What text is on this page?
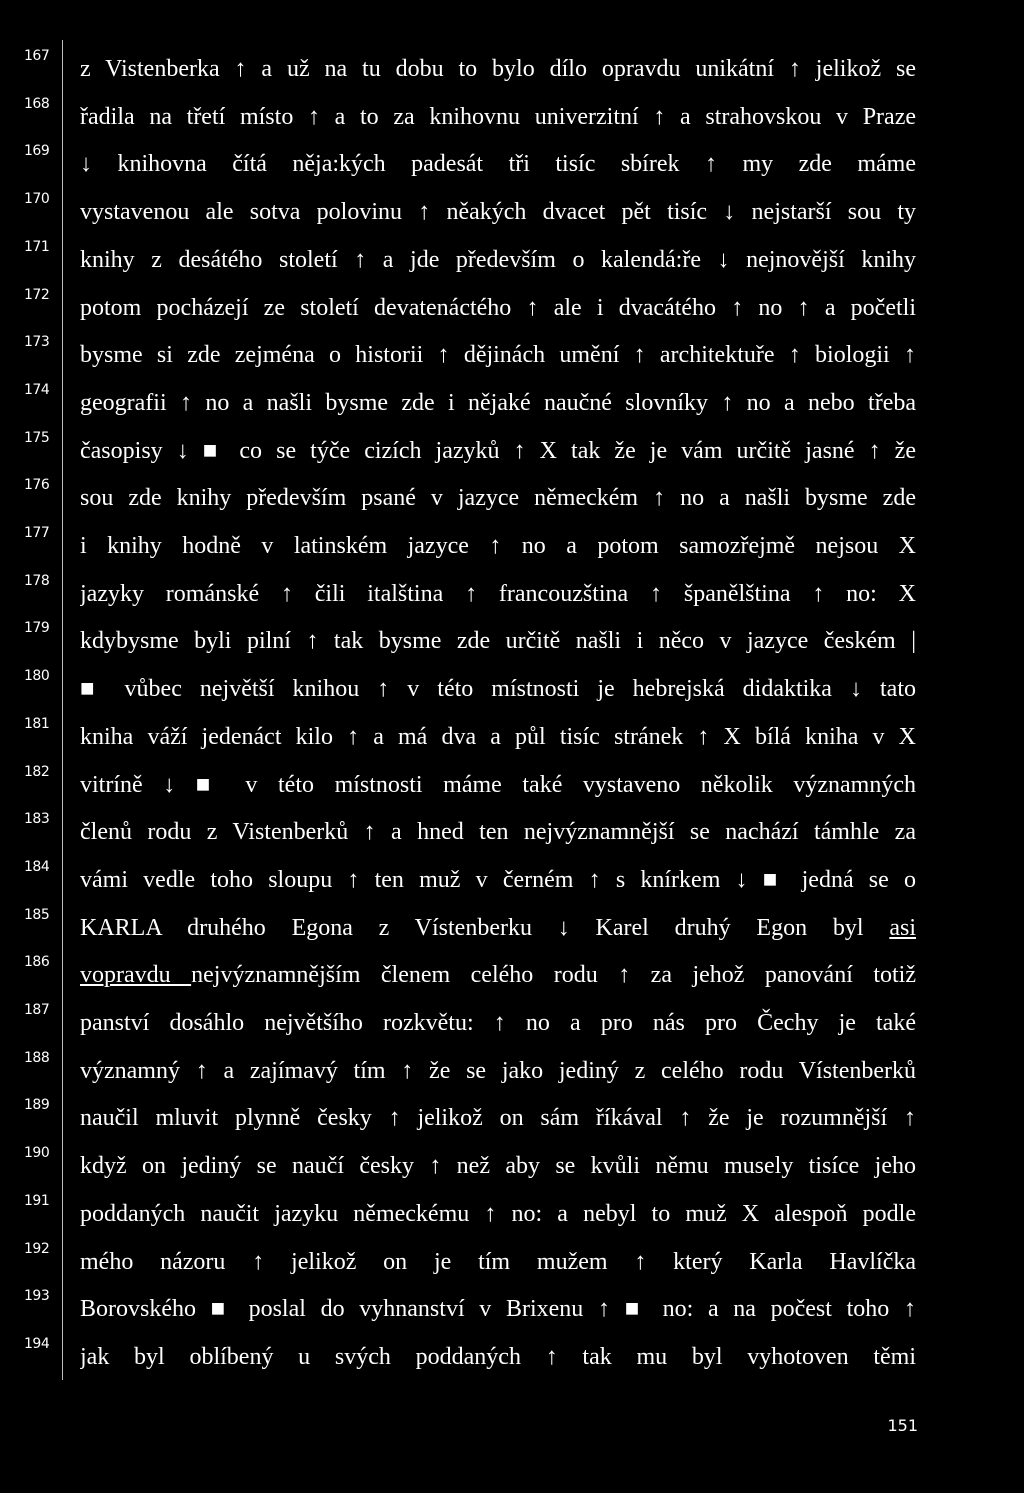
167 z Vistenberka ↑ a už na tu dobu to bylo dílo opravdu unikátní ↑ jelikož se
168 řadila na třetí místo ↑ a to za knihovnu univerzitní ↑ a strahovskou v Praze
169 ↓ knihovna čítá něja:kých padesát tři tisíc sbírek ↑ my zde máme
170 vystavenou ale sotva polovinu ↑ něakých dvacet pět tisíc ↓ nejstarší sou ty
171 knihy z desátého století ↑ a jde především o kalendá:ře ↓ nejnovější knihy
172 potom pocházejí ze století devatenáctého ↑ ale i dvacátého ↑ no ↑ a početli
173 bysme si zde zejména o historii ↑ dějinách umění ↑ architektuře ↑ biologii ↑
174 geografii ↑ no a našli bysme zde i nějaké naučné slovníky ↑ no a nebo třeba
175 časopisy ↓ ■ co se týče cizích jazyků ↑ X tak že je vám určitě jasné ↑ že
176 sou zde knihy především psané v jazyce německém ↑ no a našli bysme zde
177 i knihy hodně v latinském jazyce ↑ no a potom samozřejmě nejsou X
178 jazyky románské ↑ čili italština ↑ francouzština ↑ španělština ↑ no: X
179 kdybysme byli pilní ↑ tak bysme zde určitě našli i něco v jazyce českém |
180 ■ vůbec největší knihou ↑ v této místnosti je hebrejská didaktika ↓ tato
181 kniha váží jedenáct kilo ↑ a má dva a půl tisíc stránek ↑ X bílá kniha v X
182 vitríně ↓ ■ v této místnosti máme také vystaveno několik významných
183 členů rodu z Vistenberků ↑ a hned ten nejvýznamnější se nachází támhle za
184 vámi vedle toho sloupu ↑ ten muž v černém ↑ s knírkem ↓ ■ jedná se o
185 KARLA druhého Egona z Vístenberku ↓ Karel druhý Egon byl asi
186 vopravdu nejvýznamnějším členem celého rodu ↑ za jehož panování totiž
187 panství dosáhlo největšího rozkvětu: ↑ no a pro nás pro Čechy je také
188 významný ↑ a zajímavý tím ↑ že se jako jediný z celého rodu Vístenberků
189 naučil mluvit plynně česky ↑ jelikož on sám říkával ↑ že je rozumnější ↑
190 když on jediný se naučí česky ↑ než aby se kvůli němu musely tisíce jeho
191 poddaných naučit jazyku německému ↑ no: a nebyl to muž X alespoň podle
192 mého názoru ↑ jelikož on je tím mužem ↑ který Karla Havlíčka
193 Borovského ■ poslal do vyhnanství v Brixenu ↑ ■ no: a na počest toho ↑
194 jak byl oblíbený u svých poddaných ↑ tak mu byl vyhotoven těmi
151
